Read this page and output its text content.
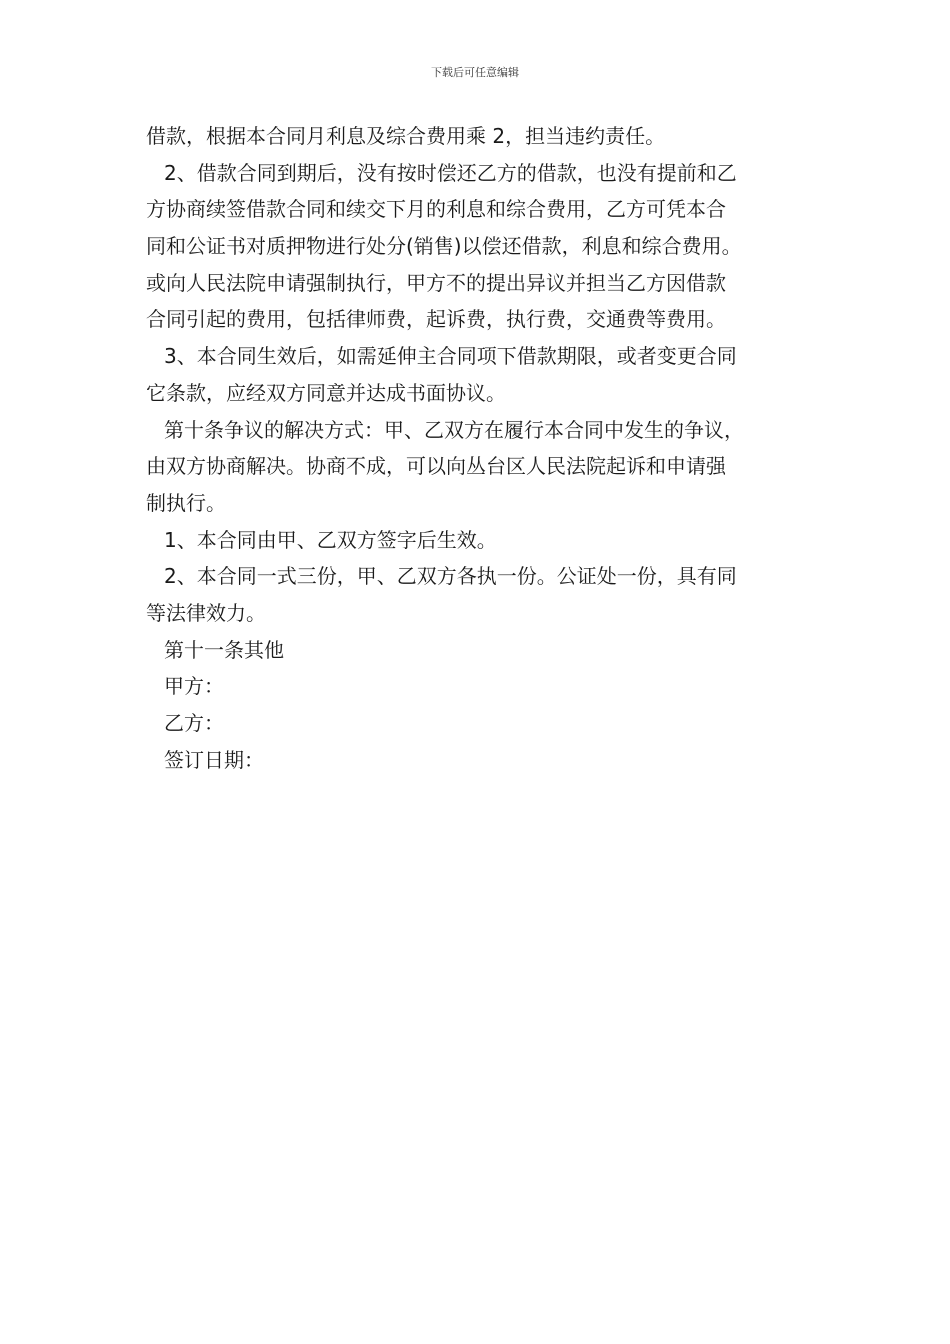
下载后可任意编辑
借款，根据本合同月利息及综合费用乘 2，担当违约责任。
2、借款合同到期后，没有按时偿还乙方的借款，也没有提前和乙
方协商续签借款合同和续交下月的利息和综合费用，乙方可凭本合
同和公证书对质押物进行处分(销售)以偿还借款，利息和综合费用。
或向人民法院申请强制执行，甲方不的提出异议并担当乙方因借款
合同引起的费用，包括律师费，起诉费，执行费，交通费等费用。
3、本合同生效后，如需延伸主合同项下借款期限，或者变更合同
它条款，应经双方同意并达成书面协议。
第十条争议的解决方式：甲、乙双方在履行本合同中发生的争议，
由双方协商解决。协商不成，可以向丛台区人民法院起诉和申请强
制执行。
1、本合同由甲、乙双方签字后生效。
2、本合同一式三份，甲、乙双方各执一份。公证处一份，具有同
等法律效力。
第十一条其他
甲方：
乙方：
签订日期：
